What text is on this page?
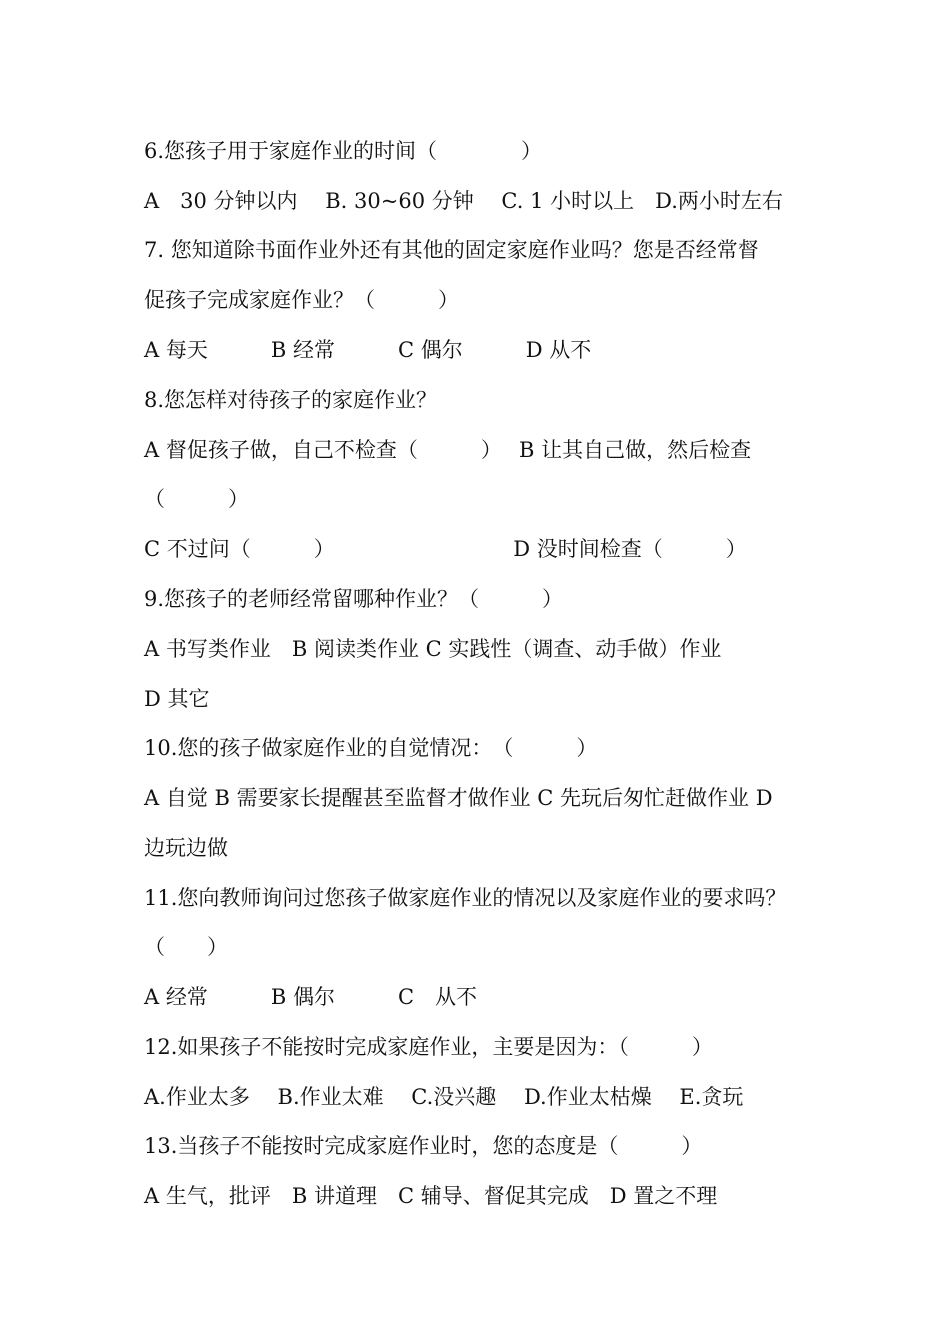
6.您孩子用于家庭作业的时间（　　　　）
A　30 分钟以内　 B. 30~60 分钟　 C. 1 小时以上　D.两小时左右
7. 您知道除书面作业外还有其他的固定家庭作业吗？您是否经常督
促孩子完成家庭作业？（　　　）
A 每天　　　B 经常　　　C 偶尔　　　D 从不
8.您怎样对待孩子的家庭作业？
A 督促孩子做，自己不检查（　　　）　 B 让其自己做，然后检查
（　　　）
C 不过问（　　　）　　　　　　　　　D 没时间检查（　　　）
9.您孩子的老师经常留哪种作业？（　　　）
A 书写类作业　B 阅读类作业 C 实践性（调查、动手做）作业
D 其它
10.您的孩子做家庭作业的自觉情况：　（　　　）
A 自觉 B 需要家长提醒甚至监督才做作业 C 先玩后匆忙赶做作业 D
边玩边做
11.您向教师询问过您孩子做家庭作业的情况以及家庭作业的要求吗？
（　　）
A 经常　　　B 偶尔　　　C　从不
12.如果孩子不能按时完成家庭作业，主要是因为：（　　　）
A.作业太多　 B.作业太难　 C.没兴趣　 D.作业太枯燥　 E.贪玩
13.当孩子不能按时完成家庭作业时，您的态度是（　　　）
A 生气，批评　B 讲道理　C 辅导、督促其完成　D 置之不理
